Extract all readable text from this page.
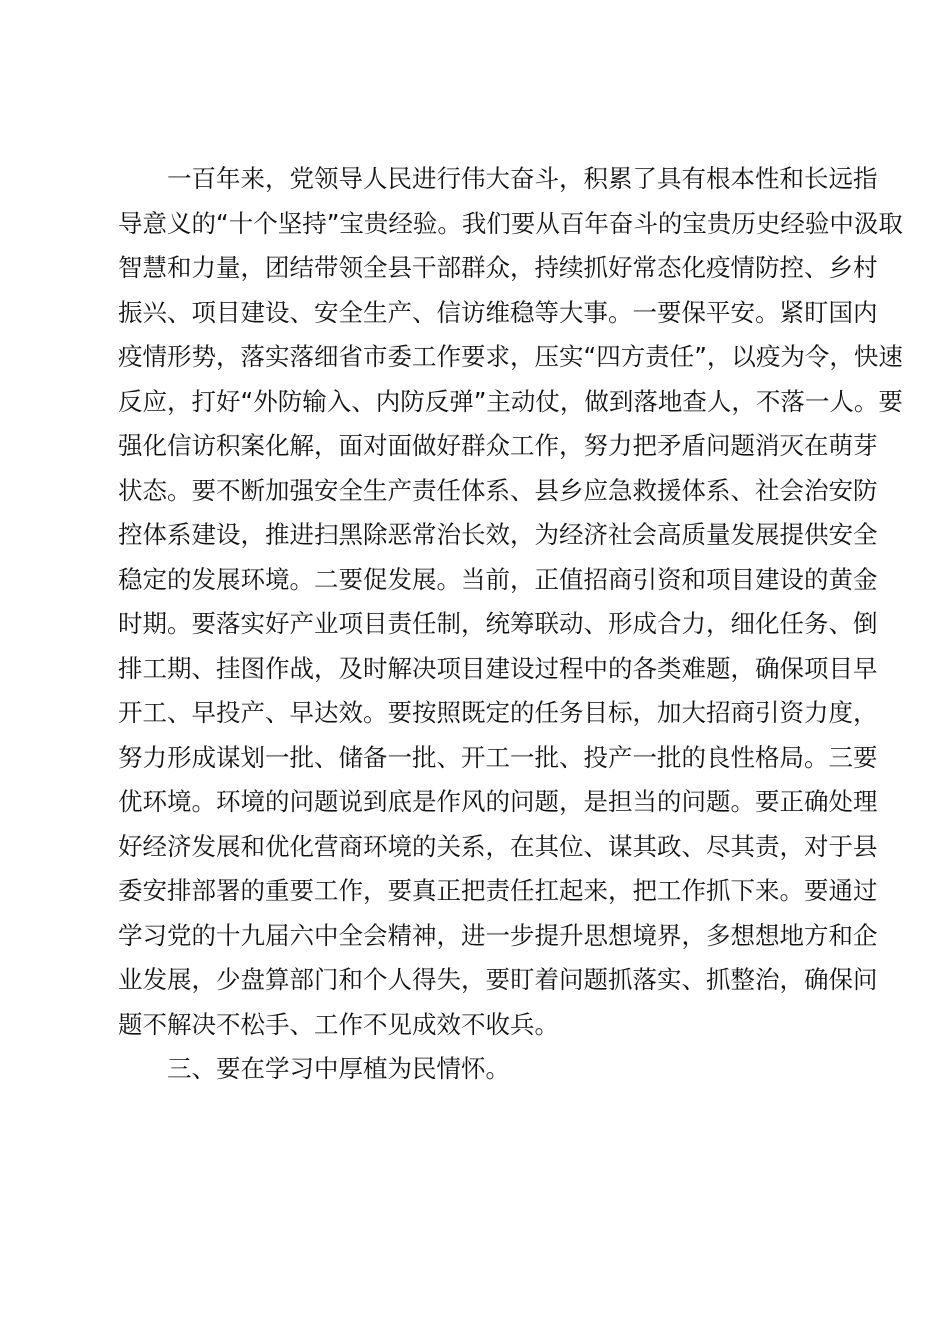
一百年来，党领导人民进行伟大奋斗，积累了具有根本性和长远指
导意义的“十个坚持”宝贵经验。我们要从百年奋斗的宝贵历史经验中汲取
智慧和力量，团结带领全县干部群众，持续抓好常态化疫情防控、乡村
振兴、项目建设、安全生产、信访维稳等大事。一要保平安。紧盯国内
疫情形势，落实落细省市委工作要求，压实“四方责任”，以疫为令，快速
反应，打好“外防输入、内防反弹”主动仗，做到落地查人，不落一人。要
强化信访积案化解，面对面做好群众工作，努力把矛盾问题消灭在萌芽
状态。要不断加强安全生产责任体系、县乡应急救援体系、社会治安防
控体系建设，推进扫黑除恶常治长效，为经济社会高质量发展提供安全
稳定的发展环境。二要促发展。当前，正值招商引资和项目建设的黄金
时期。要落实好产业项目责任制，统筹联动、形成合力，细化任务、倒
排工期、挂图作战，及时解决项目建设过程中的各类难题，确保项目早
开工、早投产、早达效。要按照既定的任务目标，加大招商引资力度，
努力形成谋划一批、储备一批、开工一批、投产一批的良性格局。三要
优环境。环境的问题说到底是作风的问题，是担当的问题。要正确处理
好经济发展和优化营商环境的关系，在其位、谋其政、尽其责，对于县
委安排部署的重要工作，要真正把责任扛起来，把工作抓下来。要通过
学习党的十九届六中全会精神，进一步提升思想境界，多想想地方和企
业发展，少盘算部门和个人得失，要盯着问题抓落实、抓整治，确保问
题不解决不松手、工作不见成效不收兵。

三、要在学习中厚植为民情怀。
